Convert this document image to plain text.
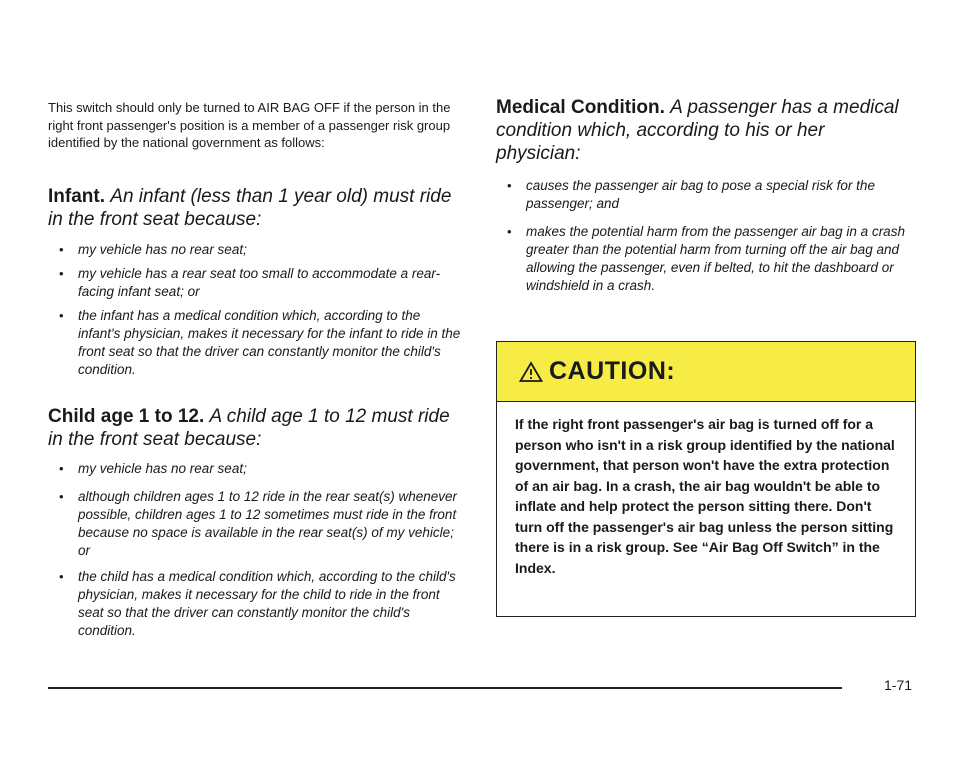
This switch should only be turned to AIR BAG OFF if the person in the right front passenger's position is a member of a passenger risk group identified by the national government as follows:

Infant. An infant (less than 1 year old) must ride in the front seat because:
• my vehicle has no rear seat;
• my vehicle has a rear seat too small to accommodate a rear-facing infant seat; or
• the infant has a medical condition which, according to the infant's physician, makes it necessary for the infant to ride in the front seat so that the driver can constantly monitor the child's condition.
Child age 1 to 12. A child age 1 to 12 must ride in the front seat because:
• my vehicle has no rear seat;
• although children ages 1 to 12 ride in the rear seat(s) whenever possible, children ages 1 to 12 sometimes must ride in the front because no space is available in the rear seat(s) of my vehicle; or
• the child has a medical condition which, according to the child's physician, makes it necessary for the child to ride in the front seat so that the driver can constantly monitor the child's condition.
Medical Condition. A passenger has a medical condition which, according to his or her physician:
• causes the passenger air bag to pose a special risk for the passenger; and
• makes the potential harm from the passenger air bag in a crash greater than the potential harm from turning off the air bag and allowing the passenger, even if belted, to hit the dashboard or windshield in a crash.
CAUTION:
If the right front passenger's air bag is turned off for a person who isn't in a risk group identified by the national government, that person won't have the extra protection of an air bag. In a crash, the air bag wouldn't be able to inflate and help protect the person sitting there. Don't turn off the passenger's air bag unless the person sitting there is in a risk group. See “Air Bag Off Switch” in the Index.
1-71
